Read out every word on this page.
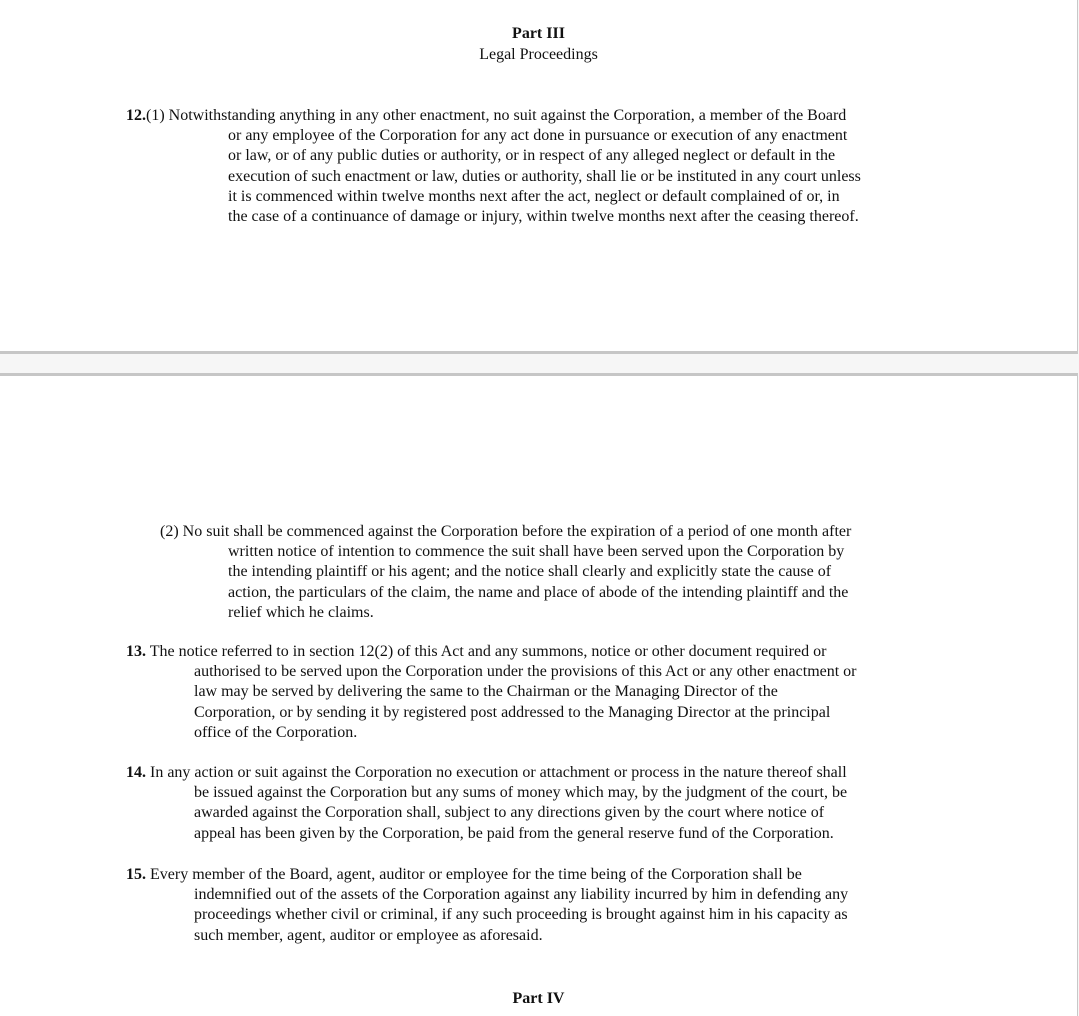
Part III
Legal Proceedings
12.(1) Notwithstanding anything in any other enactment, no suit against the Corporation, a member of the Board
or any employee of the Corporation for any act done in pursuance or execution of any enactment
or law, or of any public duties or authority, or in respect of any alleged neglect or default in the
execution of such enactment or law, duties or authority, shall lie or be instituted in any court unless
it is commenced within twelve months next after the act, neglect or default complained of or, in
the case of a continuance of damage or injury, within twelve months next after the ceasing thereof.
(2) No suit shall be commenced against the Corporation before the expiration of a period of one month after
written notice of intention to commence the suit shall have been served upon the Corporation by
the intending plaintiff or his agent; and the notice shall clearly and explicitly state the cause of
action, the particulars of the claim, the name and place of abode of the intending plaintiff and the
relief which he claims.
13. The notice referred to in section 12(2) of this Act and any summons, notice or other document required or
authorised to be served upon the Corporation under the provisions of this Act or any other enactment or
law may be served by delivering the same to the Chairman or the Managing Director of the
Corporation, or by sending it by registered post addressed to the Managing Director at the principal
office of the Corporation.
14. In any action or suit against the Corporation no execution or attachment or process in the nature thereof shall
be issued against the Corporation but any sums of money which may, by the judgment of the court, be
awarded against the Corporation shall, subject to any directions given by the court where notice of
appeal has been given by the Corporation, be paid from the general reserve fund of the Corporation.
15. Every member of the Board, agent, auditor or employee for the time being of the Corporation shall be
indemnified out of the assets of the Corporation against any liability incurred by him in defending any
proceedings whether civil or criminal, if any such proceeding is brought against him in his capacity as
such member, agent, auditor or employee as aforesaid.
Part IV
